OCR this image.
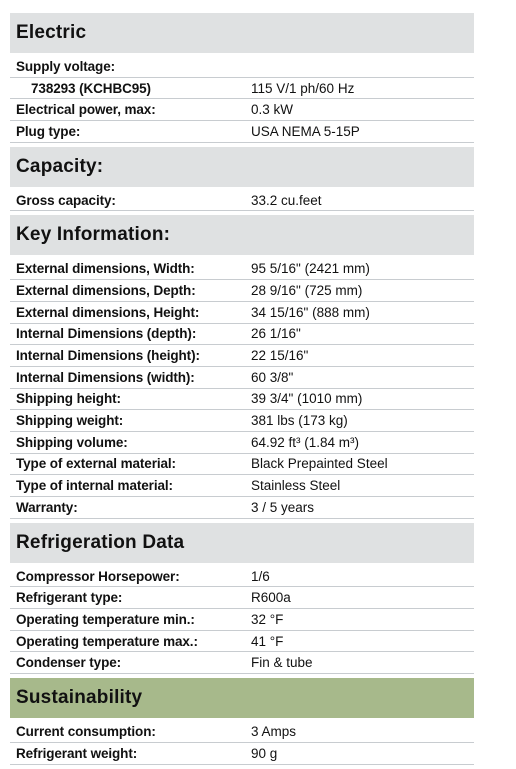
Electric
Supply voltage:
738293 (KCHBC95)	115 V/1 ph/60 Hz
Electrical power, max:	0.3 kW
Plug type:	USA NEMA 5-15P
Capacity:
Gross capacity:	33.2 cu.feet
Key Information:
External dimensions, Width:	95 5/16" (2421 mm)
External dimensions, Depth:	28 9/16" (725 mm)
External dimensions, Height:	34 15/16" (888 mm)
Internal Dimensions (depth):	26 1/16"
Internal Dimensions (height):	22 15/16"
Internal Dimensions (width):	60 3/8"
Shipping height:	39 3/4" (1010 mm)
Shipping weight:	381 lbs (173 kg)
Shipping volume:	64.92 ft³ (1.84 m³)
Type of external material:	Black Prepainted Steel
Type of internal material:	Stainless Steel
Warranty:	3 / 5 years
Refrigeration Data
Compressor Horsepower:	1/6
Refrigerant type:	R600a
Operating temperature min.:	32 °F
Operating temperature max.:	41 °F
Condenser type:	Fin & tube
Sustainability
Current consumption:	3 Amps
Refrigerant weight:	90 g
